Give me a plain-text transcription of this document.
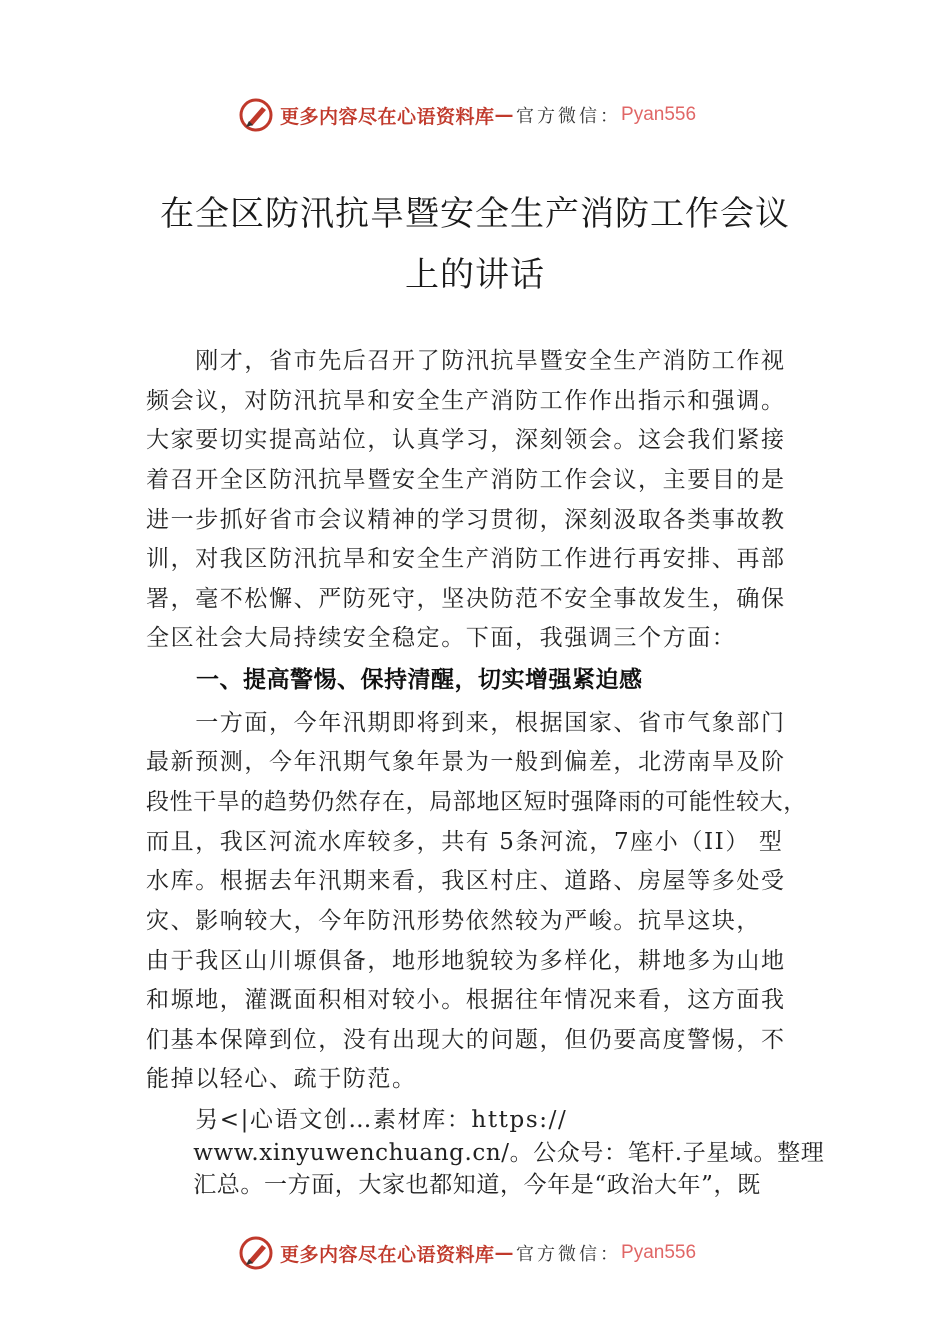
更多内容尽在心语资料库 — 官方微信： Pyan556
在全区防汛抗旱暨安全生产消防工作会议
上的讲话
　　刚才，省市先后召开了防汛抗旱暨安全生产消防工作视
频会议，对防汛抗旱和安全生产消防工作作出指示和强调。
大家要切实提高站位，认真学习，深刻领会。这会我们紧接
着召开全区防汛抗旱暨安全生产消防工作会议，主要目的是
进一步抓好省市会议精神的学习贯彻，深刻汲取各类事故教
训，对我区防汛抗旱和安全生产消防工作进行再安排、再部
署，毫不松懈、严防死守，坚决防范不安全事故发生，确保
全区社会大局持续安全稳定。下面，我强调三个方面：
一、提高警惕、保持清醒，切实增强紧迫感
　　一方面，今年汛期即将到来，根据国家、省市气象部门
最新预测，今年汛期气象年景为一般到偏差，北涝南旱及阶
段性干旱的趋势仍然存在，局部地区短时强降雨的可能性较大，
而且，我区河流水库较多，共有 5条河流，7座小（II） 型
水库。根据去年汛期来看，我区村庄、道路、房屋等多处受
灾、影响较大，今年防汛形势依然较为严峻。抗旱这块，
由于我区山川塬俱备，地形地貌较为多样化，耕地多为山地
和塬地，灌溉面积相对较小。根据往年情况来看，这方面我
们基本保障到位，没有出现大的问题，但仍要高度警惕，不
能掉以轻心、疏于防范。
　　另<|心语文创…素材库：https://
　　www.xinyuwenchuang.cn/。公众号：笔杆.子星域。整理
　　汇总。一方面，大家也都知道，今年是“政治大年”，既
更多内容尽在心语资料库 — 官方微信： Pyan556
